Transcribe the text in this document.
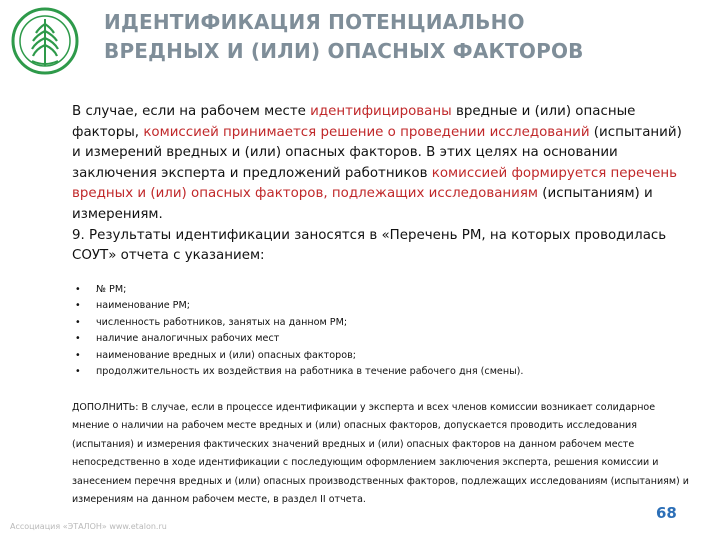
ИДЕНТИФИКАЦИЯ ПОТЕНЦИАЛЬНО
ВРЕДНЫХ И (ИЛИ) ОПАСНЫХ ФАКТОРОВ
В случае, если на рабочем месте идентифицированы вредные и (или) опасные факторы, комиссией принимается решение о проведении исследований (испытаний) и измерений вредных и (или) опасных факторов. В этих целях на основании заключения эксперта и предложений работников комиссией формируется перечень вредных и (или) опасных факторов, подлежащих исследованиям (испытаниям) и измерениям.
9. Результаты идентификации заносятся в «Перечень РМ, на которых проводилась СОУТ» отчета с указанием:
• № РМ;
• наименование РМ;
• численность работников, занятых на данном РМ;
• наличие аналогичных рабочих мест
• наименование вредных и (или) опасных факторов;
• продолжительность их воздействия на работника в течение рабочего дня (смены).
ДОПОЛНИТЬ: В случае, если в процессе идентификации у эксперта и всех членов комиссии возникает солидарное мнение о наличии на рабочем месте вредных и (или) опасных факторов, допускается проводить исследования (испытания) и измерения фактических значений вредных и (или) опасных факторов на данном рабочем месте непосредственно в ходе идентификации с последующим оформлением заключения эксперта, решения комиссии и занесением перечня вредных и (или) опасных производственных факторов, подлежащих исследованиям (испытаниям) и измерениям на данном рабочем месте, в раздел II отчета.
Ассоциация «ЭТАЛОН» www.etalon.ru
68
